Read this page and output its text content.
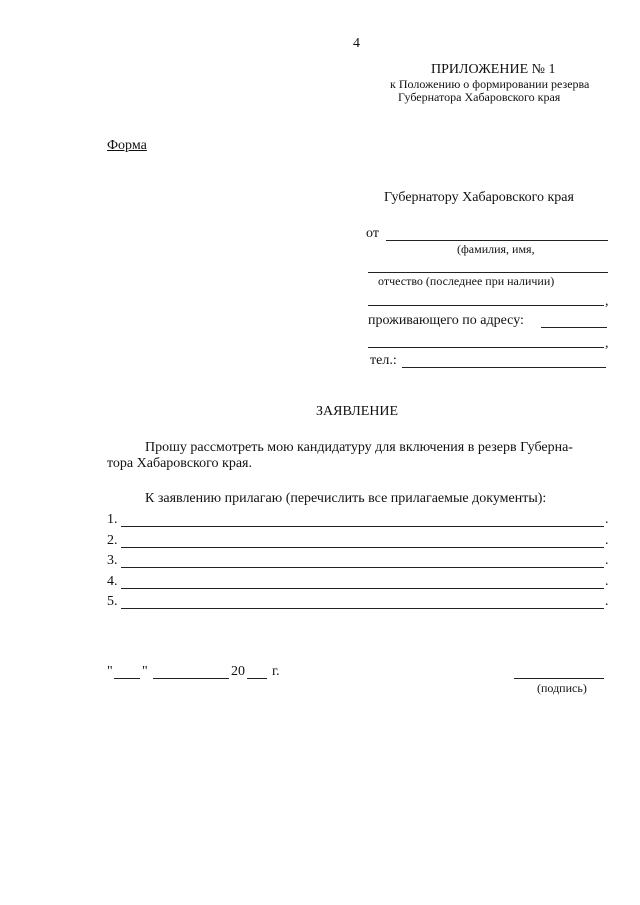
4
ПРИЛОЖЕНИЕ № 1
к Положению о формировании резерва
Губернатора Хабаровского края
Форма
Губернатору Хабаровского края
от
(фамилия, имя,
отчество (последнее при наличии)
,
проживающего по адресу:
,
тел.:
ЗАЯВЛЕНИЕ
Прошу рассмотреть мою кандидатуру для включения в резерв Губерна-
тора Хабаровского края.
К заявлению прилагаю (перечислить все прилагаемые документы):
1.	.
2.	.
3.	.
4.	.
5.	.
" "	20 г.
(подпись)
